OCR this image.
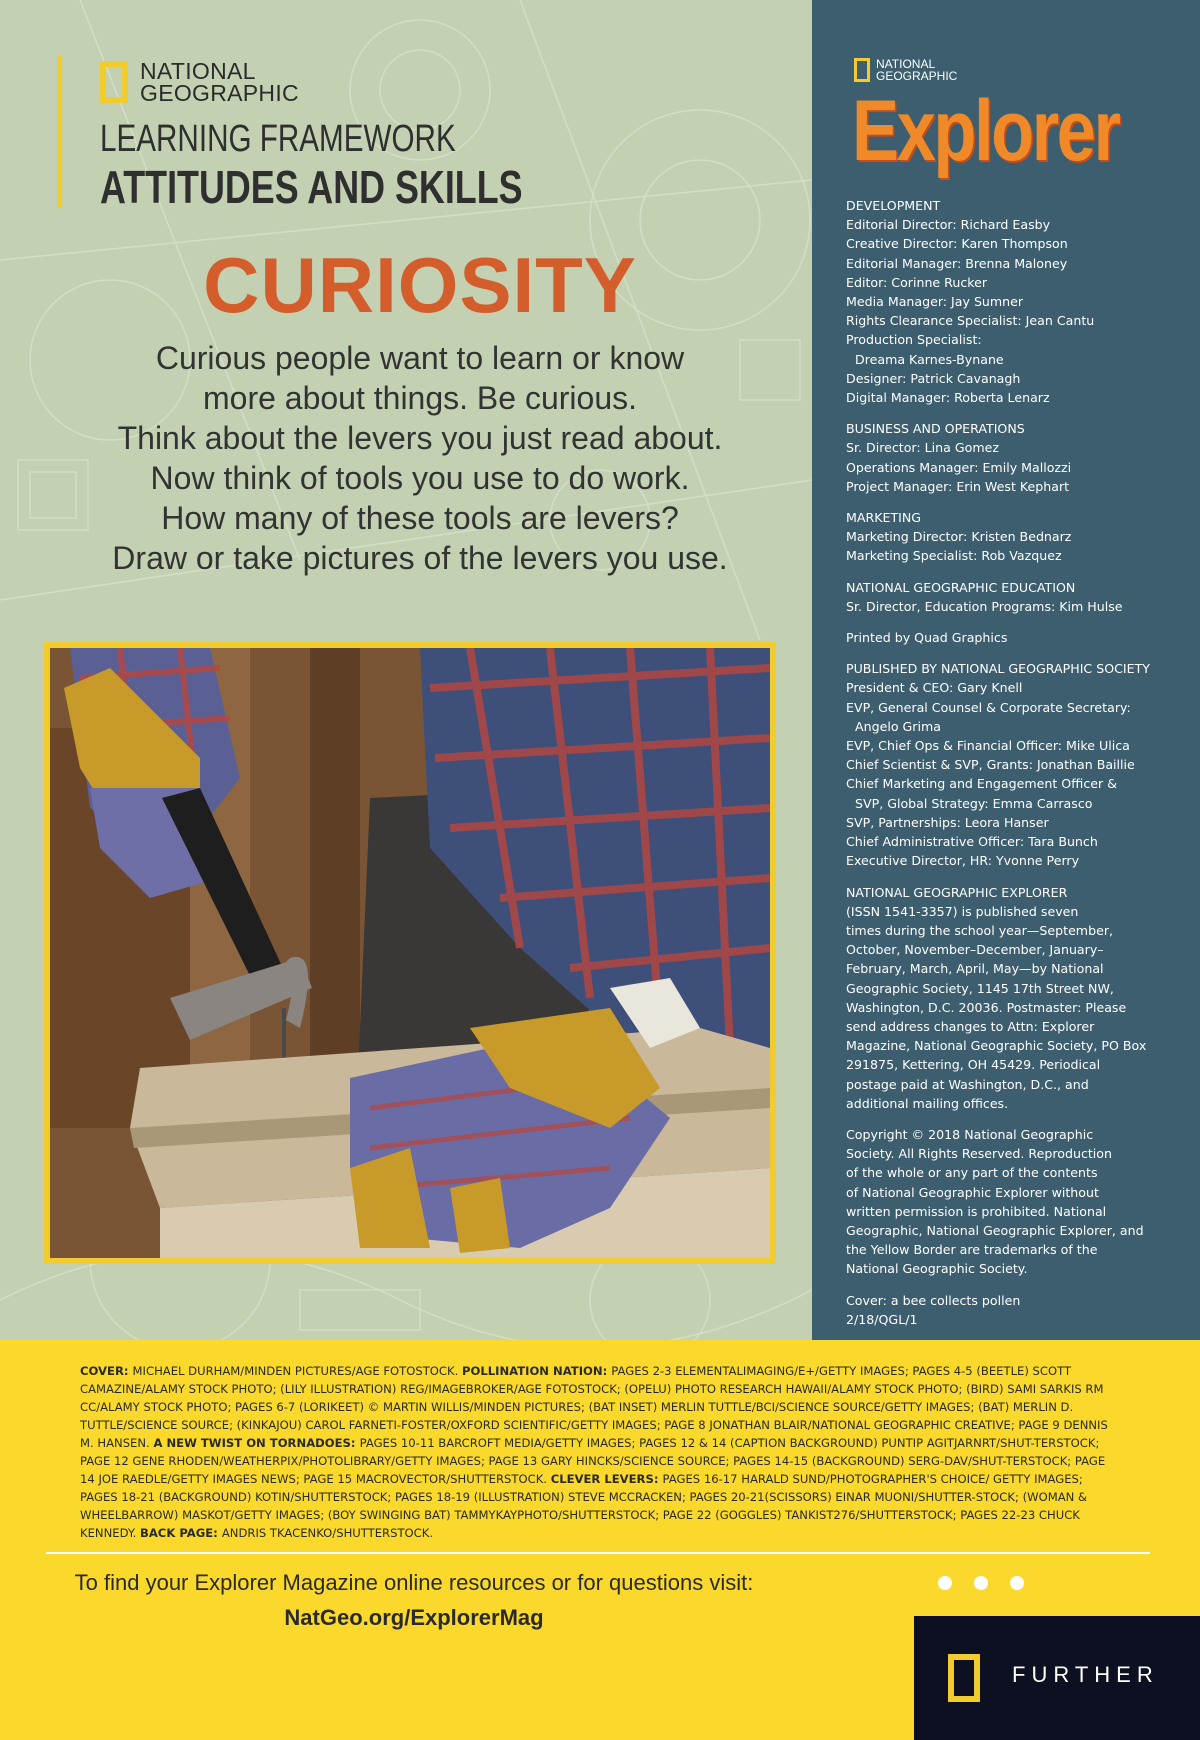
NATIONAL
GEOGRAPHIC
LEARNING FRAMEWORK
ATTITUDES AND SKILLS
CURIOSITY
Curious people want to learn or know
more about things. Be curious.
Think about the levers you just read about.
Now think of tools you use to do work.
How many of these tools are levers?
Draw or take pictures of the levers you use.
NATIONAL
GEOGRAPHIC
Explorer
DEVELOPMENT
Editorial Director: Richard Easby
Creative Director: Karen Thompson
Editorial Manager: Brenna Maloney
Editor: Corinne Rucker
Media Manager: Jay Sumner
Rights Clearance Specialist: Jean Cantu
Production Specialist:
Dreama Karnes-Bynane
Designer: Patrick Cavanagh
Digital Manager: Roberta Lenarz
BUSINESS AND OPERATIONS
Sr. Director: Lina Gomez
Operations Manager: Emily Mallozzi
Project Manager: Erin West Kephart
MARKETING
Marketing Director: Kristen Bednarz
Marketing Specialist: Rob Vazquez
NATIONAL GEOGRAPHIC EDUCATION
Sr. Director, Education Programs: Kim Hulse
Printed by Quad Graphics
PUBLISHED BY NATIONAL GEOGRAPHIC SOCIETY
President & CEO: Gary Knell
EVP, General Counsel & Corporate Secretary:
Angelo Grima
EVP, Chief Ops & Financial Officer: Mike Ulica
Chief Scientist & SVP, Grants: Jonathan Baillie
Chief Marketing and Engagement Officer &
SVP, Global Strategy: Emma Carrasco
SVP, Partnerships: Leora Hanser
Chief Administrative Officer: Tara Bunch
Executive Director, HR: Yvonne Perry
NATIONAL GEOGRAPHIC EXPLORER
(ISSN 1541-3357) is published seven
times during the school year—September,
October, November–December, January–
February, March, April, May—by National
Geographic Society, 1145 17th Street NW,
Washington, D.C. 20036. Postmaster: Please
send address changes to Attn: Explorer
Magazine, National Geographic Society, PO Box
291875, Kettering, OH 45429. Periodical
postage paid at Washington, D.C., and
additional mailing offices.
Copyright © 2018 National Geographic
Society. All Rights Reserved. Reproduction
of the whole or any part of the contents
of National Geographic Explorer without
written permission is prohibited. National
Geographic, National Geographic Explorer, and
the Yellow Border are trademarks of the
National Geographic Society.
Cover: a bee collects pollen
2/18/QGL/1
COVER: MICHAEL DURHAM/MINDEN PICTURES/AGE FOTOSTOCK. POLLINATION NATION: PAGES 2-3 ELEMENTALIMAGING/E+/GETTY IMAGES; PAGES 4-5 (BEETLE) SCOTT CAMAZINE/ALAMY STOCK PHOTO; (LILY ILLUSTRATION) REG/IMAGEBROKER/AGE FOTOSTOCK; (OPELU) PHOTO RESEARCH HAWAII/ALAMY STOCK PHOTO; (BIRD) SAMI SARKIS RM CC/ALAMY STOCK PHOTO; PAGES 6-7 (LORIKEET) © MARTIN WILLIS/MINDEN PICTURES; (BAT INSET) MERLIN TUTTLE/BCI/SCIENCE SOURCE/GETTY IMAGES; (BAT) MERLIN D. TUTTLE/SCIENCE SOURCE; (KINKAJOU) CAROL FARNETI-FOSTER/OXFORD SCIENTIFIC/GETTY IMAGES; PAGE 8 JONATHAN BLAIR/NATIONAL GEOGRAPHIC CREATIVE; PAGE 9 DENNIS M. HANSEN. A NEW TWIST ON TORNADOES: PAGES 10-11 BARCROFT MEDIA/GETTY IMAGES; PAGES 12 & 14 (CAPTION BACKGROUND) PUNTIP AGITJARNRT/SHUT-TERSTOCK; PAGE 12 GENE RHODEN/WEATHERPIX/PHOTOLIBRARY/GETTY IMAGES; PAGE 13 GARY HINCKS/SCIENCE SOURCE; PAGES 14-15 (BACKGROUND) SERG-DAV/SHUT-TERSTOCK; PAGE 14 JOE RAEDLE/GETTY IMAGES NEWS; PAGE 15 MACROVECTOR/SHUTTERSTOCK. CLEVER LEVERS: PAGES 16-17 HARALD SUND/PHOTOGRAPHER'S CHOICE/ GETTY IMAGES; PAGES 18-21 (BACKGROUND) KOTIN/SHUTTERSTOCK; PAGES 18-19 (ILLUSTRATION) STEVE MCCRACKEN; PAGES 20-21(SCISSORS) EINAR MUONI/SHUTTER-STOCK; (WOMAN & WHEELBARROW) MASKOT/GETTY IMAGES; (BOY SWINGING BAT) TAMMYKAYPHOTO/SHUTTERSTOCK; PAGE 22 (GOGGLES) TANKIST276/SHUTTERSTOCK; PAGES 22-23 CHUCK KENNEDY. BACK PAGE: ANDRIS TKACENKO/SHUTTERSTOCK.
To find your Explorer Magazine online resources or for questions visit:
NatGeo.org/ExplorerMag
FURTHER
